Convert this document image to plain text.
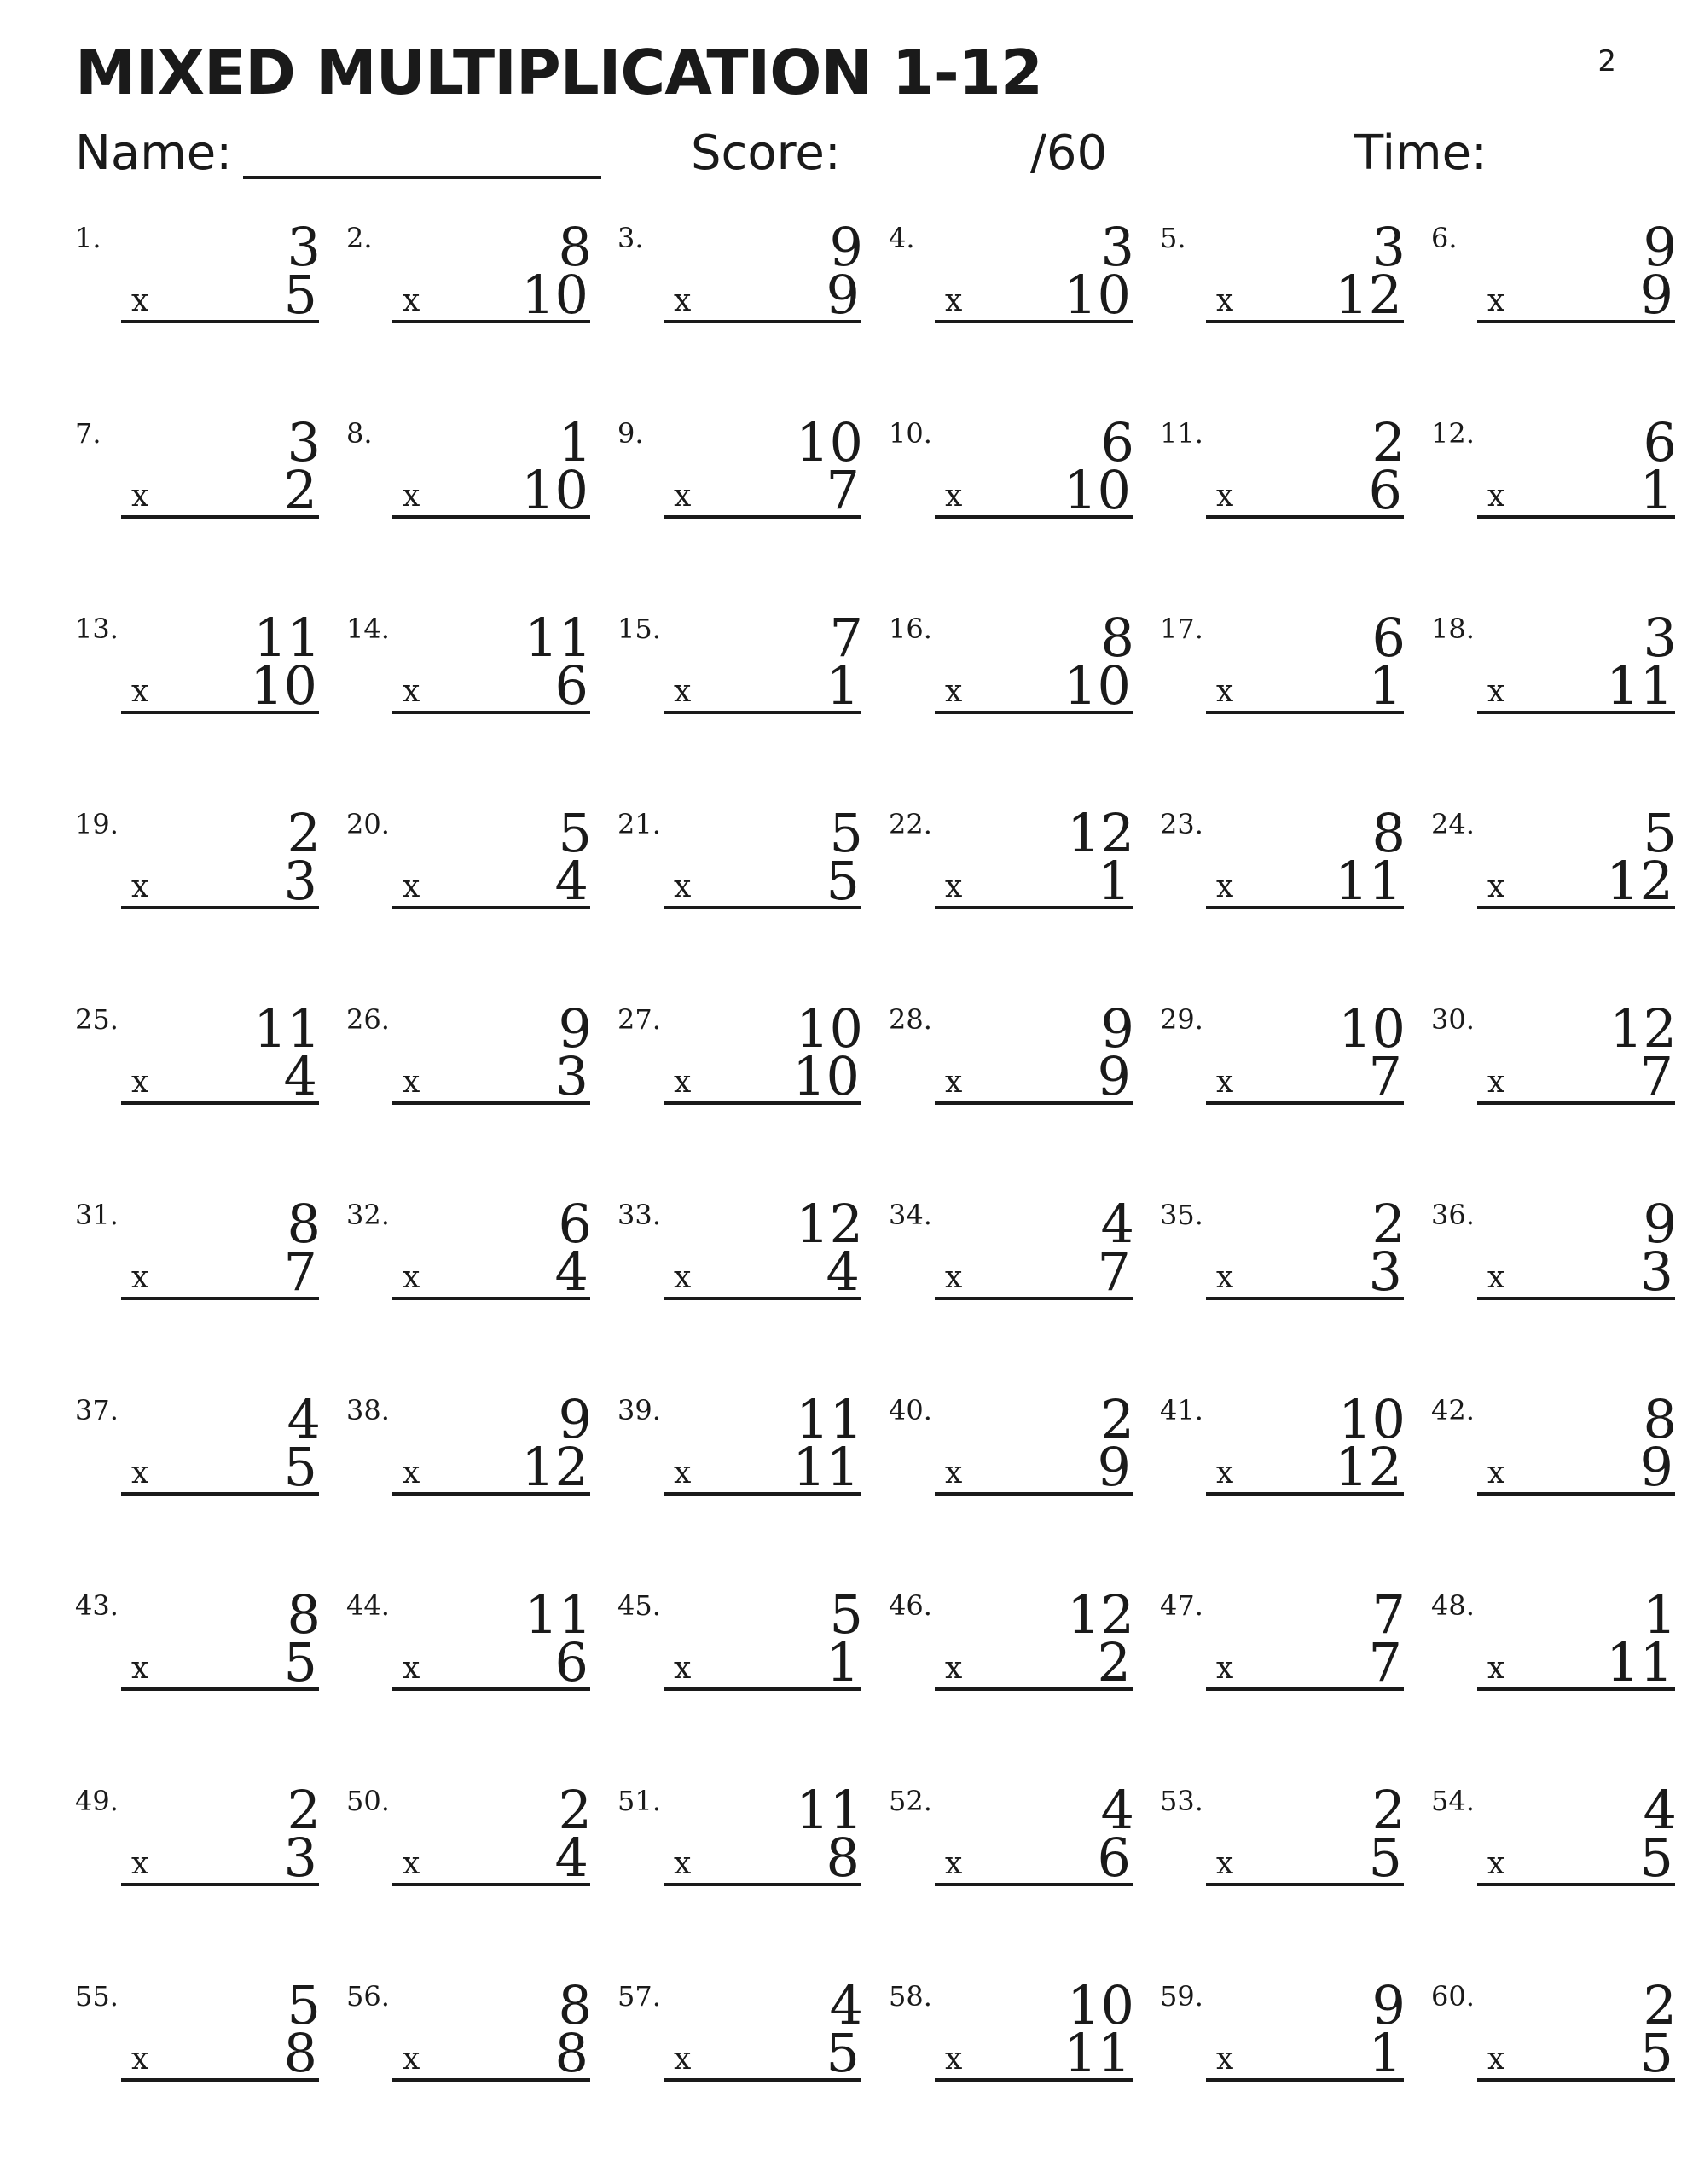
MIXED MULTIPLICATION 1-12	2
Name:	Score:	/60	Time:
1.	3
x	5
2.	8
x 10
3.	9
x	9
4.	3
x 10
5.	3
x 12
6.	9
x	9
7.	3
x	2
8.	1
x 10
9.	10
x	7
10.	6
x 10
11.	2
x	6
12.	6
x	1
13.	11
x 10
14.	11
x	6
15.	7
x	1
16.	8
x 10
17.	6
x	1
18.	3
x 11
19.	2
x	3
20.	5
x	4
21.	5
x	5
22.	12
x	1
23.	8
x 11
24.	5
x 12
25.	11
x	4
26.	9
x	3
27.	10
x 10
28.	9
x	9
29.	10
x	7
30.	12
x	7
31.	8
x	7
32.	6
x	4
33.	12
x	4
34.	4
x	7
35.	2
x	3
36.	9
x	3
37.	4
x	5
38.	9
x 12
39.	11
x 11
40.	2
x	9
41.	10
x 12
42.	8
x	9
43.	8
x	5
44.	11
x	6
45.	5
x	1
46.	12
x	2
47.	7
x	7
48.	1
x 11
49.	2
x	3
50.	2
x	4
51.	11
x	8
52.	4
x	6
53.	2
x	5
54.	4
x	5
55.	5
x	8
56.	8
x	8
57.	4
x	5
58.	10
x 11
59.	9
x	1
60.	2
x	5
